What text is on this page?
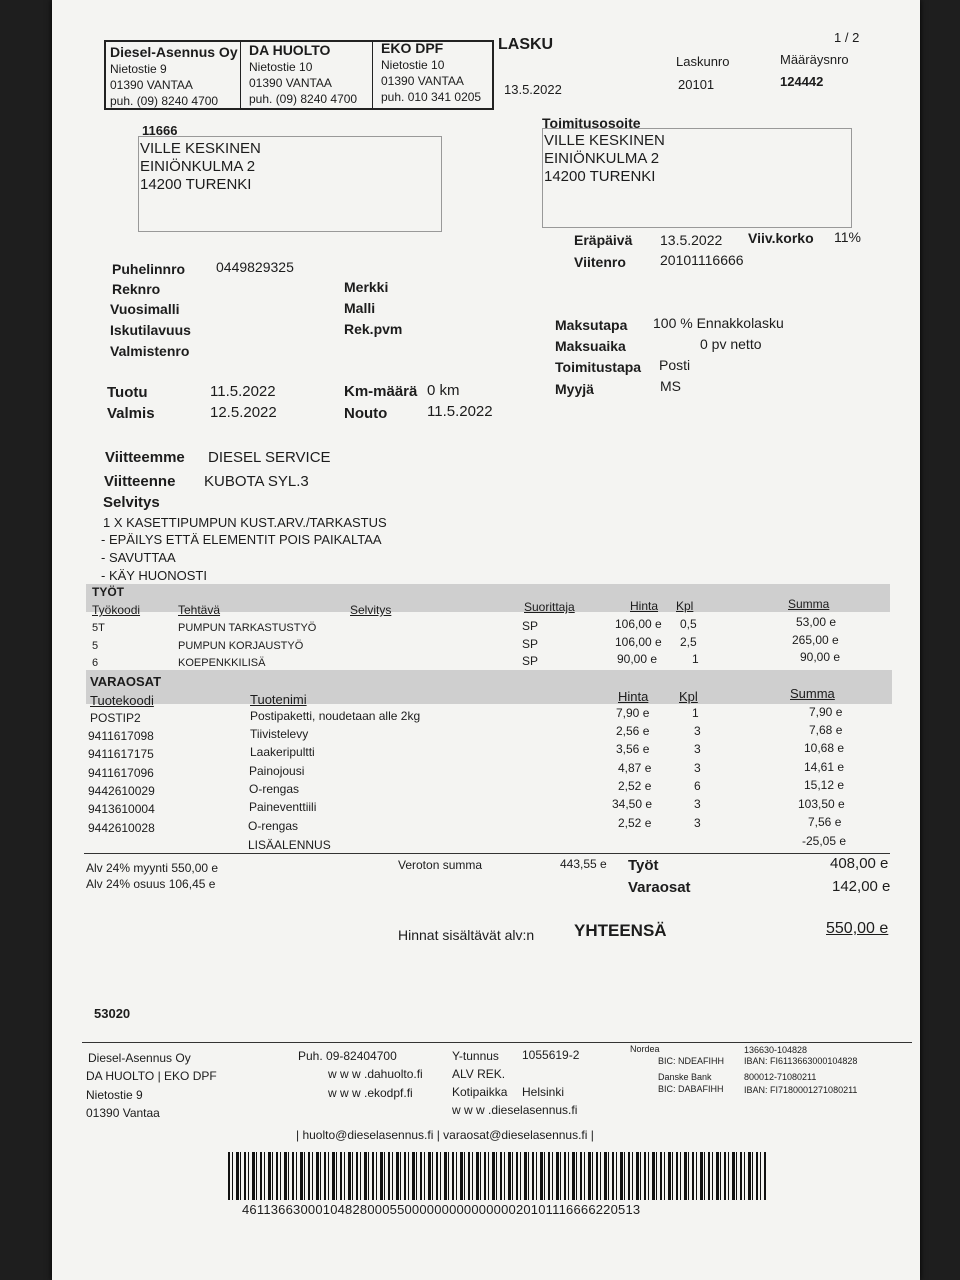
Diesel-Asennus Oy
Nietostie 9
01390 VANTAA
puh. (09) 8240 4700
DA HUOLTO
Nietostie 10
01390 VANTAA
puh. (09) 8240 4700
EKO DPF
Nietostie 10
01390 VANTAA
puh. 010 341 0205
LASKU
13.5.2022
Laskunro
20101
Määräysnro
124442
1 / 2
11666
VILLE KESKINEN
EINIÖNKULMA 2
14200 TURENKI
Toimitusosoite
VILLE KESKINEN
EINIÖNKULMA 2
14200 TURENKI
Eräpäivä 13.5.2022 Viiv.korko 11%
Viitenro 20101116666
Puhelinnro 0449829325
Reknro
Vuosimalli
Iskutilavuus
Valmistenro
Merkki
Malli
Rek.pvm	Maksutapa 100 % Ennakkolasku
Maksuaika	0 pv netto
Toimitustapa Posti
Myyjä	MS
Tuotu	11.5.2022
Valmis	12.5.2022
Km-määrä 0 km
Nouto	11.5.2022
Viitteemme DIESEL SERVICE
Viitteenne KUBOTA SYL.3
Selvitys
1 X KASETTIPUMPUN KUST.ARV./TARKASTUS
- EPÄILYS ETTÄ ELEMENTIT POIS PAIKALTAA
- SAVUTTAA
- KÄY HUONOSTI
TYÖT
Työkoodi	Tehtävä	Selvitys	Suorittaja	Hinta Kpl	Summa
5T	PUMPUN TARKASTUSTYÖ	SP	106,00 e 0,5	53,00 e
5	PUMPUN KORJAUSTYÖ	SP	106,00 e 2,5	265,00 e
6	KOEPENKKILISÄ	SP	90,00 e	1	90,00 e
VARAOSAT
Tuotekoodi	Tuotenimi	Hinta Kpl	Summa
POSTIP2	Postipaketti, noudetaan alle 2kg	7,90 e	1	7,90 e
9411617098	Tiivistelevy	2,56 e	3	7,68 e
9411617175	Laakeripultti	3,56 e	3	10,68 e
9411617096	Painojousi	4,87 e	3	14,61 e
9442610029	O-rengas	2,52 e	6	15,12 e
9413610004	Paineventtiili	34,50 e	3	103,50 e
9442610028	O-rengas	2,52 e	3	7,56 e
LISÄALENNUS	-25,05 e
Alv 24% myynti 550,00 e
Alv 24% osuus 106,45 e
Veroton summa	443,55 e Työt	408,00 e
Varaosat	142,00 e
Hinnat sisältävät alv:n YHTEENSÄ	550,00 e
53020
Diesel-Asennus Oy
DA HUOLTO | EKO DPF
Nietostie 9
01390 Vantaa
Puh. 09-82404700
w w w .dahuolto.fi
w w w .ekodpf.fi
Y-tunnus 1055619-2
ALV REK.
Kotipaikka Helsinki
w w w .dieselasennus.fi
Nordea	136630-104828
BIC: NDEAFIHH IBAN: FI6113663000104828
Danske Bank	800012-71080211
BIC: DABAFIHH IBAN: FI7180001271080211
| huolto@dieselasennus.fi | varaosat@dieselasennus.fi |
461136630001048280005500000000000000020101116666220513
